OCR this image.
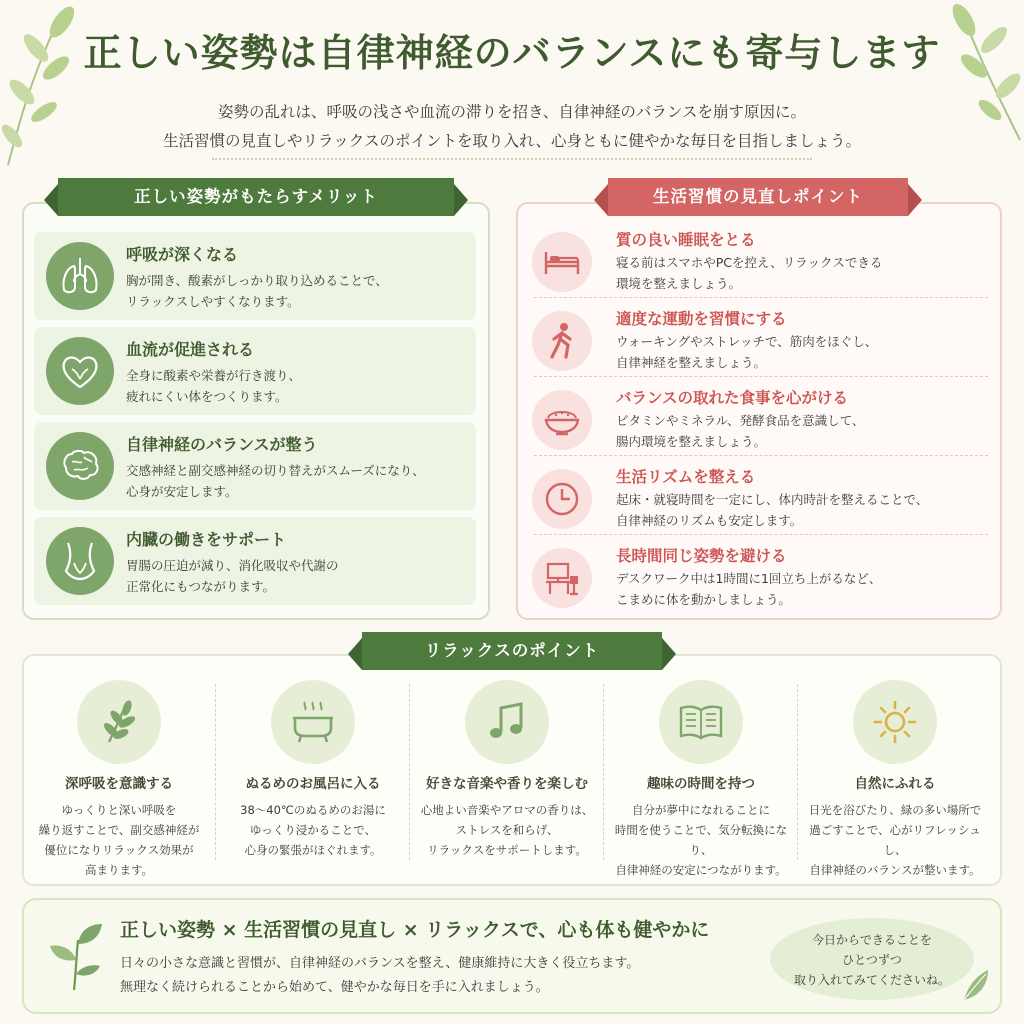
正しい姿勢は自律神経のバランスにも寄与します
姿勢の乱れは、呼吸の浅さや血流の滞りを招き、自律神経のバランスを崩す原因に。
生活習慣の見直しやリラックスのポイントを取り入れ、心身ともに健やかな毎日を目指しましょう。
正しい姿勢がもたらすメリット
呼吸が深くなる
胸が開き、酸素がしっかり取り込めることで、
リラックスしやすくなります。
血流が促進される
全身に酸素や栄養が行き渡り、
疲れにくい体をつくります。
自律神経のバランスが整う
交感神経と副交感神経の切り替えがスムーズになり、
心身が安定します。
内臓の働きをサポート
胃腸の圧迫が減り、消化吸収や代謝の
正常化にもつながります。
生活習慣の見直しポイント
質の良い睡眠をとる
寝る前はスマホやPCを控え、リラックスできる
環境を整えましょう。
適度な運動を習慣にする
ウォーキングやストレッチで、筋肉をほぐし、
自律神経を整えましょう。
バランスの取れた食事を心がける
ビタミンやミネラル、発酵食品を意識して、
腸内環境を整えましょう。
生活リズムを整える
起床・就寝時間を一定にし、体内時計を整えることで、
自律神経のリズムも安定します。
長時間同じ姿勢を避ける
デスクワーク中は1時間に1回立ち上がるなど、
こまめに体を動かしましょう。
リラックスのポイント
深呼吸を意識する
ゆっくりと深い呼吸を
繰り返すことで、副交感神経が
優位になりリラックス効果が
高まります。
ぬるめのお風呂に入る
38～40℃のぬるめのお湯に
ゆっくり浸かることで、
心身の緊張がほぐれます。
好きな音楽や香りを楽しむ
心地よい音楽やアロマの香りは、
ストレスを和らげ、
リラックスをサポートします。
趣味の時間を持つ
自分が夢中になれることに
時間を使うことで、気分転換になり、
自律神経の安定につながります。
自然にふれる
日光を浴びたり、緑の多い場所で
過ごすことで、心がリフレッシュし、
自律神経のバランスが整います。
正しい姿勢 × 生活習慣の見直し × リラックスで、心も体も健やかに
日々の小さな意識と習慣が、自律神経のバランスを整え、健康維持に大きく役立ちます。
無理なく続けられることから始めて、健やかな毎日を手に入れましょう。
今日からできることを
ひとつずつ
取り入れてみてくださいね。
